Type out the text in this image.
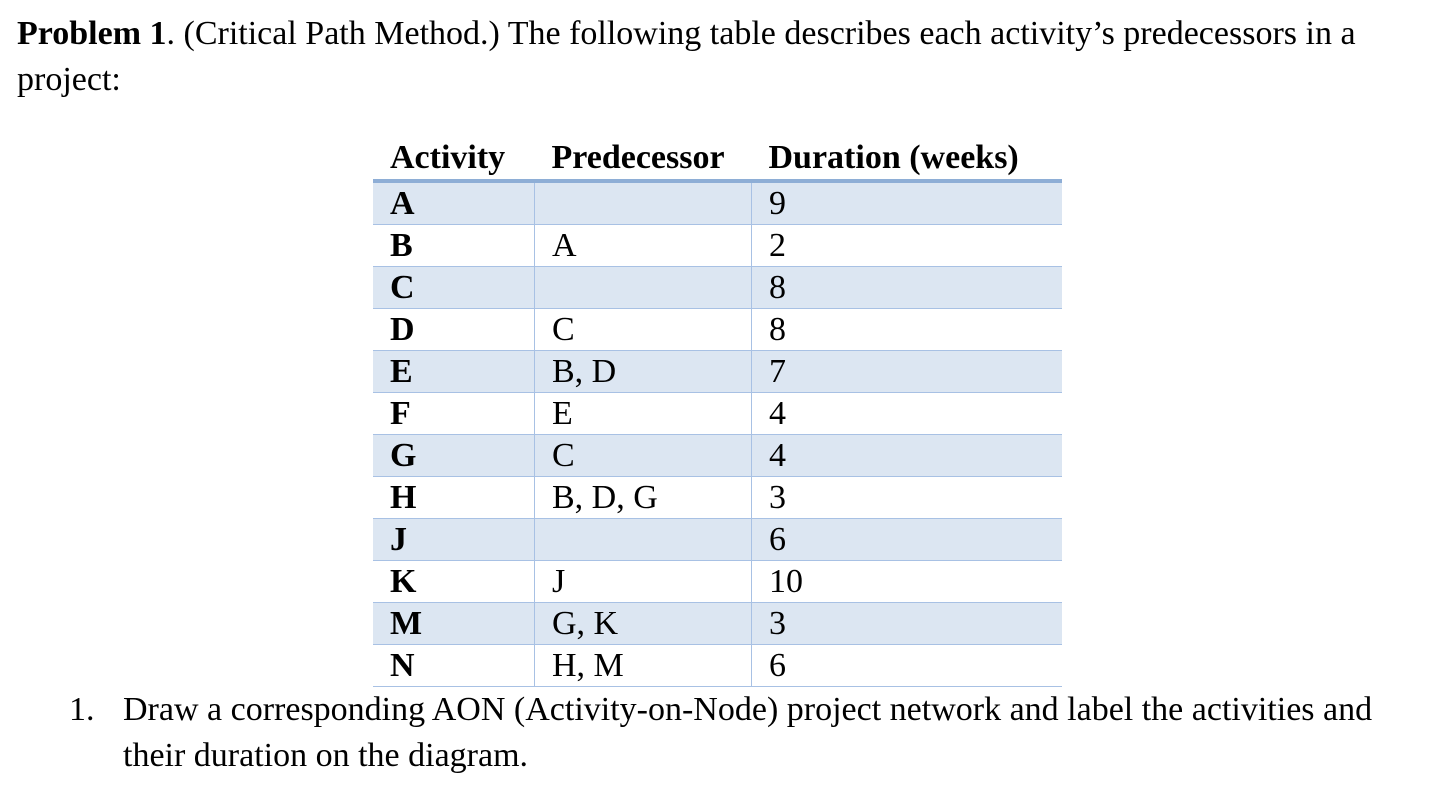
Problem 1. (Critical Path Method.) The following table describes each activity’s predecessors in a project:
Activity	Predecessor	Duration (weeks)
A		9
B	A	2
C		8
D	C	8
E	B, D	7
F	E	4
G	C	4
H	B, D, G	3
J		6
K	J	10
M	G, K	3
N	H, M	6
1. Draw a corresponding AON (Activity-on-Node) project network and label the activities and their duration on the diagram.
